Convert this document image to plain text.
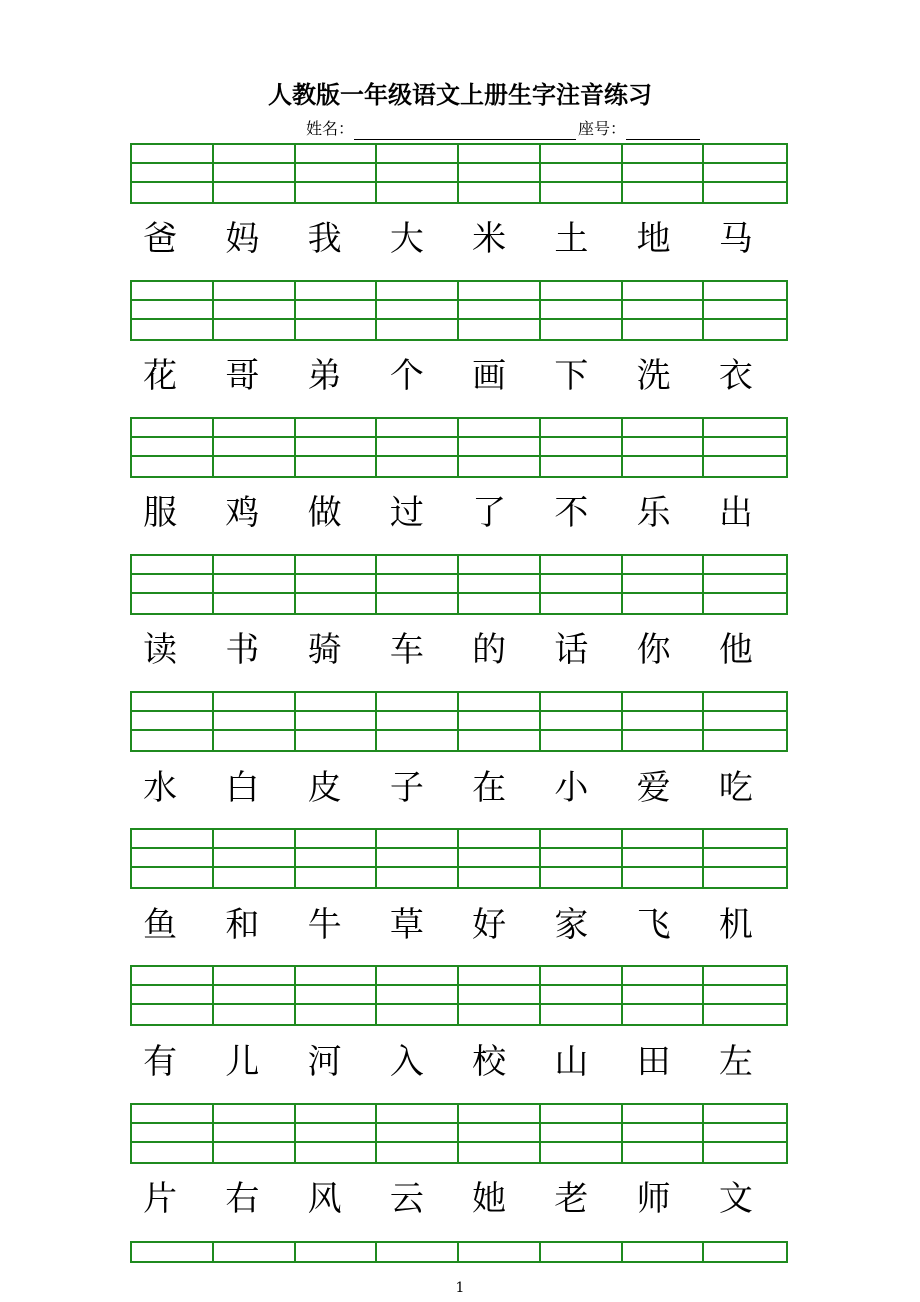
人教版一年级语文上册生字注音练习
姓名：	座号：
爸	妈	我	大	米	土	地	马
花	哥	弟	个	画	下	洗	衣
服	鸡	做	过	了	不	乐	出
读	书	骑	车	的	话	你	他
水	白	皮	子	在	小	爱	吃
鱼	和	牛	草	好	家	飞	机
有	儿	河	入	校	山	田	左
片	右	风	云	她	老	师	文
1
